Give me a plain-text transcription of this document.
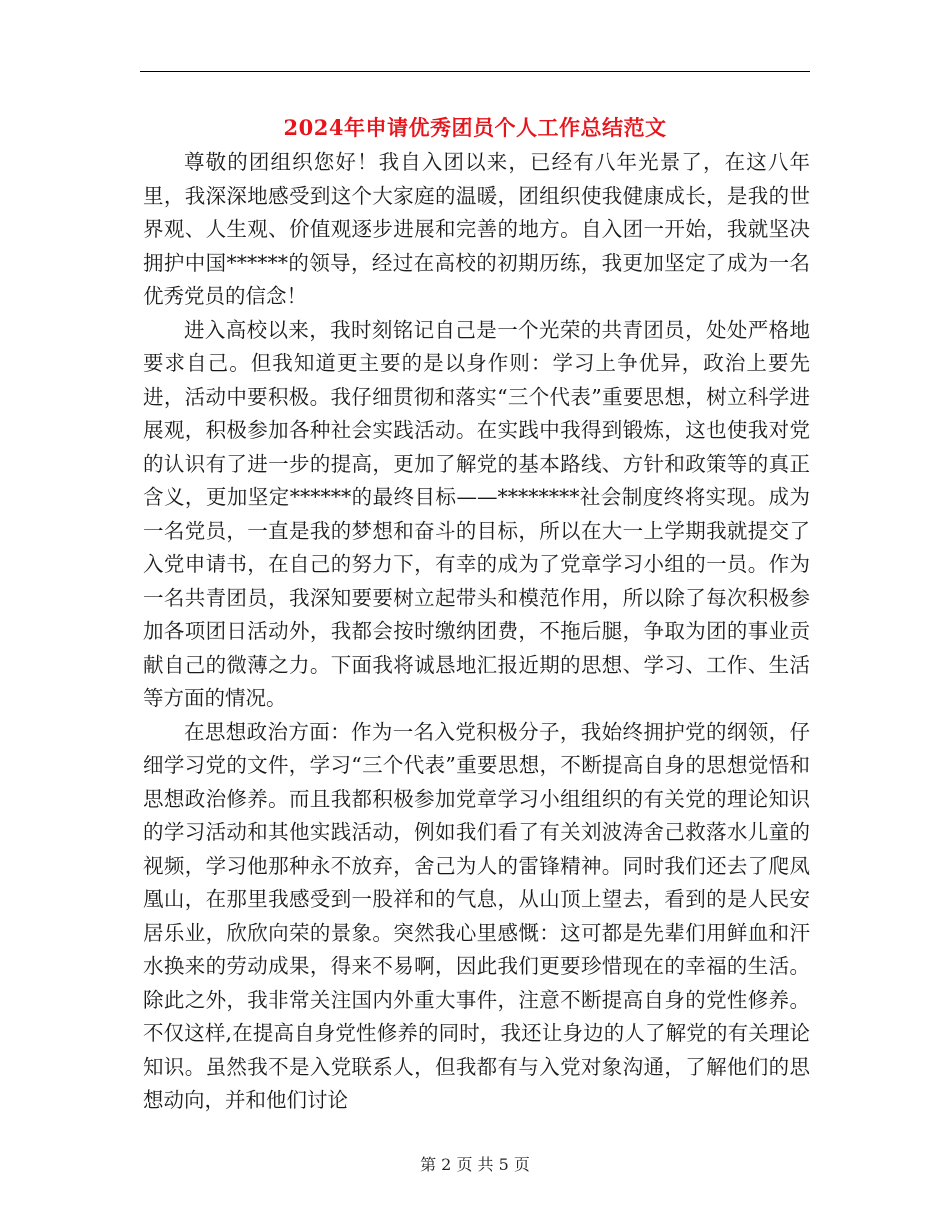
2024年申请优秀团员个人工作总结范文

尊敬的团组织您好！我自入团以来，已经有八年光景了，在这八年里，我深深地感受到这个大家庭的温暖，团组织使我健康成长，是我的世界观、人生观、价值观逐步进展和完善的地方。自入团一开始，我就坚决拥护中国******的领导，经过在高校的初期历练，我更加坚定了成为一名优秀党员的信念！

进入高校以来，我时刻铭记自己是一个光荣的共青团员，处处严格地要求自己。但我知道更主要的是以身作则：学习上争优异，政治上要先进，活动中要积极。我仔细贯彻和落实“三个代表”重要思想，树立科学进展观，积极参加各种社会实践活动。在实践中我得到锻炼，这也使我对党的认识有了进一步的提高，更加了解党的基本路线、方针和政策等的真正含义，更加坚定******的最终目标——********社会制度终将实现。成为一名党员，一直是我的梦想和奋斗的目标，所以在大一上学期我就提交了入党申请书，在自己的努力下，有幸的成为了党章学习小组的一员。作为一名共青团员，我深知要要树立起带头和模范作用，所以除了每次积极参加各项团日活动外，我都会按时缴纳团费，不拖后腿，争取为团的事业贡献自己的微薄之力。下面我将诚恳地汇报近期的思想、学习、工作、生活等方面的情况。

在思想政治方面：作为一名入党积极分子，我始终拥护党的纲领，仔细学习党的文件，学习“三个代表”重要思想，不断提高自身的思想觉悟和思想政治修养。而且我都积极参加党章学习小组组织的有关党的理论知识的学习活动和其他实践活动，例如我们看了有关刘波涛舍己救落水儿童的视频，学习他那种永不放弃，舍己为人的雷锋精神。同时我们还去了爬凤凰山，在那里我感受到一股祥和的气息，从山顶上望去，看到的是人民安居乐业，欣欣向荣的景象。突然我心里感慨：这可都是先辈们用鲜血和汗水换来的劳动成果，得来不易啊，因此我们更要珍惜现在的幸福的生活。除此之外，我非常关注国内外重大事件，注意不断提高自身的党性修养。不仅这样,在提高自身党性修养的同时，我还让身边的人了解党的有关理论知识。虽然我不是入党联系人，但我都有与入党对象沟通，了解他们的思想动向，并和他们讨论

第 2 页 共 5 页
